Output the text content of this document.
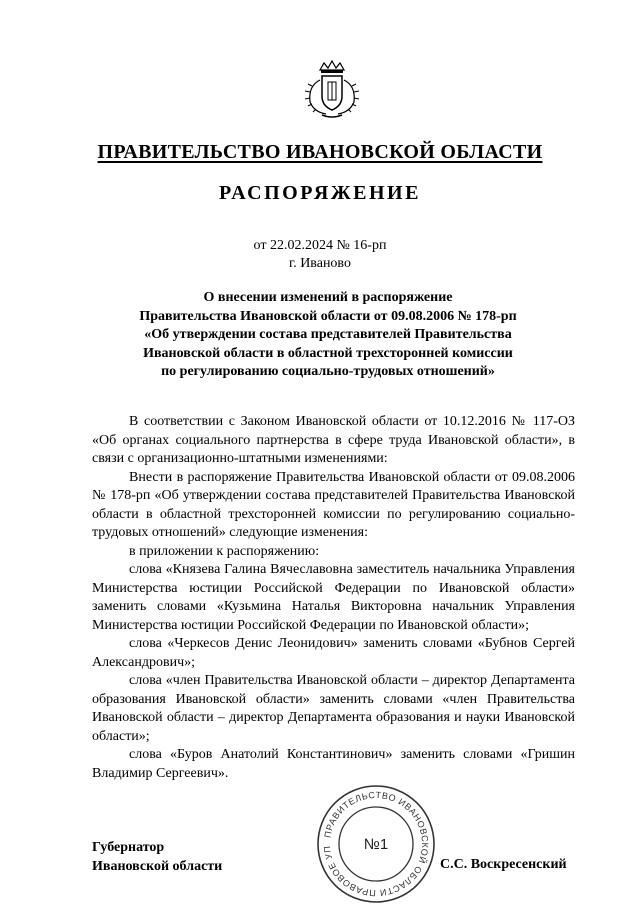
ПРАВИТЕЛЬСТВО ИВАНОВСКОЙ ОБЛАСТИ
РАСПОРЯЖЕНИЕ
от 22.02.2024 № 16-рп
г. Иваново
О внесении изменений в распоряжение
Правительства Ивановской области от 09.08.2006 № 178-рп
«Об утверждении состава представителей Правительства
Ивановской области в областной трехсторонней комиссии
по регулированию социально-трудовых отношений»

В соответствии с Законом Ивановской области от 10.12.2016 № 117-ОЗ «Об органах социального партнерства в сфере труда Ивановской области», в связи с организационно-штатными изменениями:

Внести в распоряжение Правительства Ивановской области от 09.08.2006 № 178-рп «Об утверждении состава представителей Правительства Ивановской области в областной трехсторонней комиссии по регулированию социально-трудовых отношений» следующие изменения:

в приложении к распоряжению:

слова «Князева Галина Вячеславовна заместитель начальника Управления Министерства юстиции Российской Федерации по Ивановской области» заменить словами «Кузьмина Наталья Викторовна начальник Управления Министерства юстиции Российской Федерации по Ивановской области»;

слова «Черкесов Денис Леонидович» заменить словами «Бубнов Сергей Александрович»;

слова «член Правительства Ивановской области – директор Департамента образования Ивановской области» заменить словами «член Правительства Ивановской области – директор Департамента образования и науки Ивановской области»;

слова «Буров Анатолий Константинович» заменить словами «Гришин Владимир Сергеевич».

Губернатор
Ивановской области
ПРАВИТЕЛЬСТВО ИВАНОВСКОЙ ОБЛАСТИ ПРАВОВОЕ УП	№1
С.С. Воскресенский
